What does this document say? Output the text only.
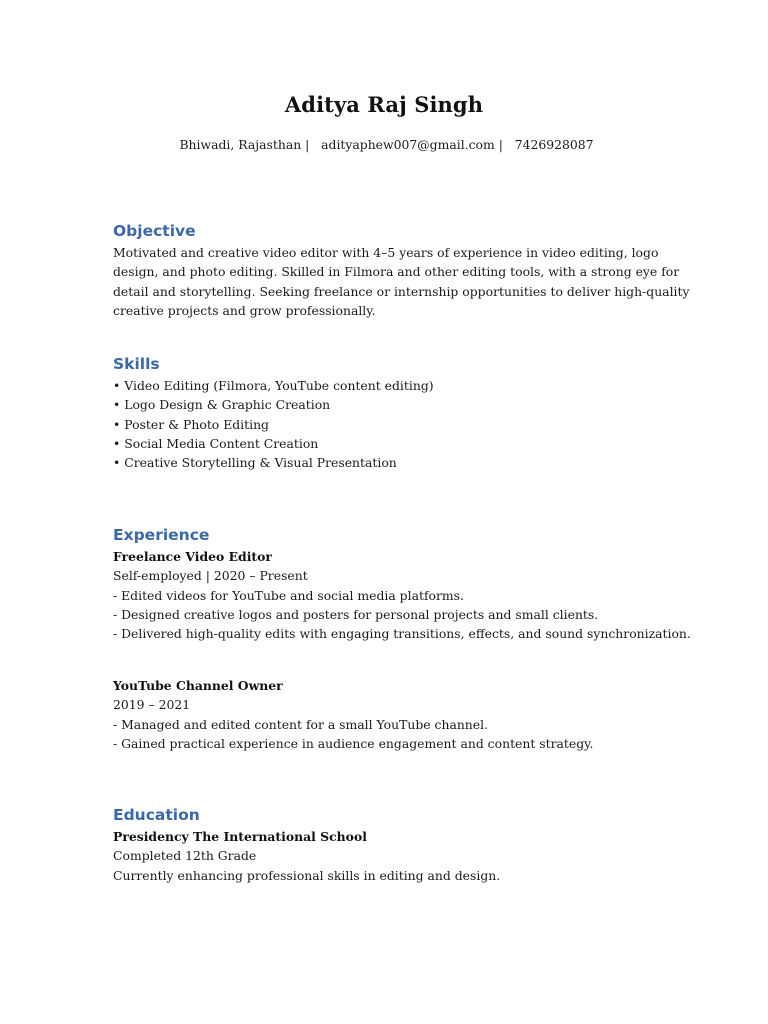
Aditya Raj Singh
Bhiwadi, Rajasthan |   adityaphew007@gmail.com |   7426928087
Objective
Motivated and creative video editor with 4–5 years of experience in video editing, logo
design, and photo editing. Skilled in Filmora and other editing tools, with a strong eye for
detail and storytelling. Seeking freelance or internship opportunities to deliver high-quality
creative projects and grow professionally.
Skills
• Video Editing (Filmora, YouTube content editing)
• Logo Design & Graphic Creation
• Poster & Photo Editing
• Social Media Content Creation
• Creative Storytelling & Visual Presentation
Experience
Freelance Video Editor
Self-employed | 2020 – Present
- Edited videos for YouTube and social media platforms.
- Designed creative logos and posters for personal projects and small clients.
- Delivered high-quality edits with engaging transitions, effects, and sound synchronization.
YouTube Channel Owner
2019 – 2021
- Managed and edited content for a small YouTube channel.
- Gained practical experience in audience engagement and content strategy.
Education
Presidency The International School
Completed 12th Grade
Currently enhancing professional skills in editing and design.
